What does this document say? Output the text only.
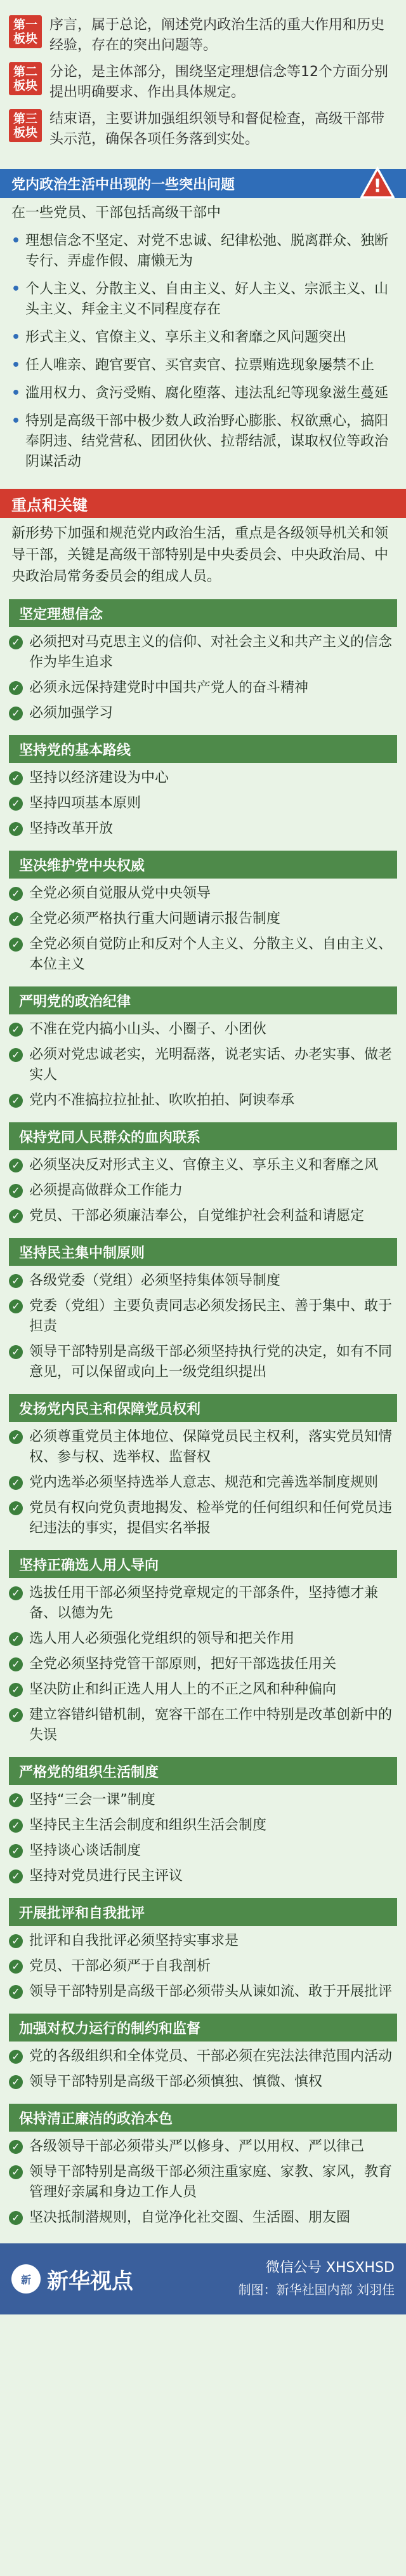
第一板块
序言，属于总论，阐述党内政治生活的重大作用和历史经验，存在的突出问题等。
第二板块
分论，是主体部分，围绕坚定理想信念等12个方面分别提出明确要求、作出具体规定。
第三板块
结束语，主要讲加强组织领导和督促检查，高级干部带头示范，确保各项任务落到实处。
党内政治生活中出现的一些突出问题	!
在一些党员、干部包括高级干部中
• 理想信念不坚定、对党不忠诚、纪律松弛、脱离群众、独断专行、弄虚作假、庸懒无为
• 个人主义、分散主义、自由主义、好人主义、宗派主义、山头主义、拜金主义不同程度存在
• 形式主义、官僚主义、享乐主义和奢靡之风问题突出
• 任人唯亲、跑官要官、买官卖官、拉票贿选现象屡禁不止
• 滥用权力、贪污受贿、腐化堕落、违法乱纪等现象滋生蔓延
• 特别是高级干部中极少数人政治野心膨胀、权欲熏心，搞阳奉阴违、结党营私、团团伙伙、拉帮结派，谋取权位等政治阴谋活动
重点和关键
新形势下加强和规范党内政治生活，重点是各级领导机关和领导干部，关键是高级干部特别是中央委员会、中央政治局、中央政治局常务委员会的组成人员。
坚定理想信念
✓ 必须把对马克思主义的信仰、对社会主义和共产主义的信念作为毕生追求
✓ 必须永远保持建党时中国共产党人的奋斗精神
✓ 必须加强学习
坚持党的基本路线
✓ 坚持以经济建设为中心
✓ 坚持四项基本原则
✓ 坚持改革开放
坚决维护党中央权威
✓ 全党必须自觉服从党中央领导
✓ 全党必须严格执行重大问题请示报告制度
✓ 全党必须自觉防止和反对个人主义、分散主义、自由主义、本位主义
严明党的政治纪律
✓ 不准在党内搞小山头、小圈子、小团伙
✓ 必须对党忠诚老实，光明磊落，说老实话、办老实事、做老实人
✓ 党内不准搞拉拉扯扯、吹吹拍拍、阿谀奉承
保持党同人民群众的血肉联系
✓ 必须坚决反对形式主义、官僚主义、享乐主义和奢靡之风
✓ 必须提高做群众工作能力
✓ 党员、干部必须廉洁奉公，自觉维护社会利益和请愿定
坚持民主集中制原则
✓ 各级党委（党组）必须坚持集体领导制度
✓ 党委（党组）主要负责同志必须发扬民主、善于集中、敢于担责
✓ 领导干部特别是高级干部必须坚持执行党的决定，如有不同意见，可以保留或向上一级党组织提出
发扬党内民主和保障党员权利
✓ 必须尊重党员主体地位、保障党员民主权利，落实党员知情权、参与权、选举权、监督权
✓ 党内选举必须坚持选举人意志、规范和完善选举制度规则
✓ 党员有权向党负责地揭发、检举党的任何组织和任何党员违纪违法的事实，提倡实名举报
坚持正确选人用人导向
✓ 选拔任用干部必须坚持党章规定的干部条件，坚持德才兼备、以德为先
✓ 选人用人必须强化党组织的领导和把关作用
✓ 全党必须坚持党管干部原则，把好干部选拔任用关
✓ 坚决防止和纠正选人用人上的不正之风和种种偏向
✓ 建立容错纠错机制，宽容干部在工作中特别是改革创新中的失误
严格党的组织生活制度
✓ 坚持“三会一课”制度
✓ 坚持民主生活会制度和组织生活会制度
✓ 坚持谈心谈话制度
✓ 坚持对党员进行民主评议
开展批评和自我批评
✓ 批评和自我批评必须坚持实事求是
✓ 党员、干部必须严于自我剖析
✓ 领导干部特别是高级干部必须带头从谏如流、敢于开展批评
加强对权力运行的制约和监督
✓ 党的各级组织和全体党员、干部必须在宪法法律范围内活动
✓ 领导干部特别是高级干部必须慎独、慎微、慎权
保持清正廉洁的政治本色
✓ 各级领导干部必须带头严以修身、严以用权、严以律己
✓ 领导干部特别是高级干部必须注重家庭、家教、家风，教育管理好亲属和身边工作人员
✓ 坚决抵制潜规则，自觉净化社交圈、生活圈、朋友圈
新 新华视点
微信公号 XHSXHSD
制图：新华社国内部 刘羽佳
